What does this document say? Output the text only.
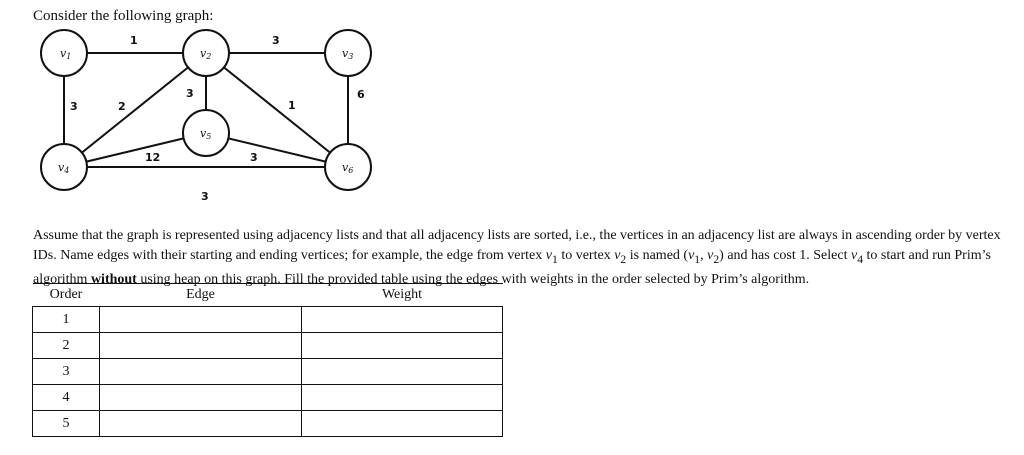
Consider the following graph:
v1	v2	v3
v4
v5
v6
1	3
3	2
3
1
6
12	3
3
Assume that the graph is represented using adjacency lists and that all adjacency lists are sorted, i.e., the vertices in an adjacency list are always in ascending order by vertex IDs. Name edges with their starting and ending vertices; for example, the edge from vertex $v_1$ to vertex $v_2$ is named ($v_1$, $v_2$) and has cost 1. Select $v_4$ to start and run Prim’s algorithm without using heap on this graph. Fill the provided table using the edges with weights in the order selected by Prim’s algorithm.
Order	Edge	Weight
1		
2		
3		
4		
5		
